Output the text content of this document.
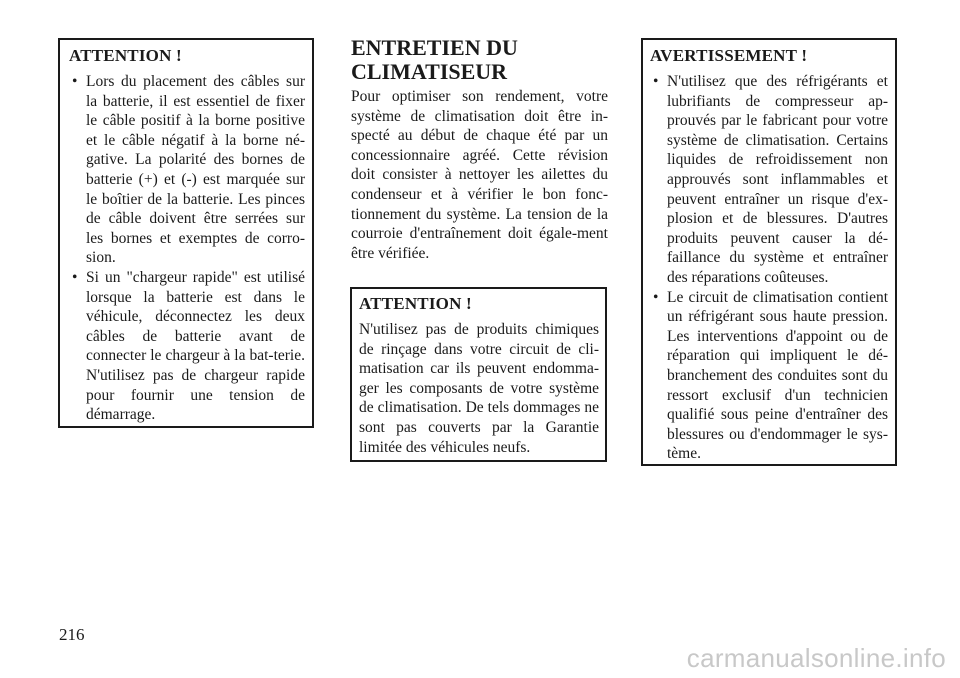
ATTENTION !
• Lors du placement des câbles sur la batterie, il est essentiel de fixer le câble positif à la borne positive et le câble négatif à la borne né-gative. La polarité des bornes de batterie (+) et (-) est marquée sur le boîtier de la batterie. Les pinces de câble doivent être serrées sur les bornes et exemptes de corro-sion.
• Si un "chargeur rapide" est utilisé lorsque la batterie est dans le véhicule, déconnectez les deux câbles de batterie avant de connecter le chargeur à la bat-terie. N'utilisez pas de chargeur rapide pour fournir une tension de démarrage.
ENTRETIEN DU CLIMATISEUR

Pour optimiser son rendement, votre système de climatisation doit être in-specté au début de chaque été par un concessionnaire agréé. Cette révision doit consister à nettoyer les ailettes du condenseur et à vérifier le bon fonc-tionnement du système. La tension de la courroie d'entraînement doit égale-ment être vérifiée.

ATTENTION !

N'utilisez pas de produits chimiques de rinçage dans votre circuit de cli-matisation car ils peuvent endomma-ger les composants de votre système de climatisation. De tels dommages ne sont pas couverts par la Garantie limitée des véhicules neufs.

AVERTISSEMENT !
• N'utilisez que des réfrigérants et lubrifiants de compresseur ap-prouvés par le fabricant pour votre système de climatisation. Certains liquides de refroidissement non approuvés sont inflammables et peuvent entraîner un risque d'ex-plosion et de blessures. D'autres produits peuvent causer la dé-faillance du système et entraîner des réparations coûteuses.
• Le circuit de climatisation contient un réfrigérant sous haute pression. Les interventions d'appoint ou de réparation qui impliquent le dé-branchement des conduites sont du ressort exclusif d'un technicien qualifié sous peine d'entraîner des blessures ou d'endommager le sys-tème.
216
carmanualsonline.info
